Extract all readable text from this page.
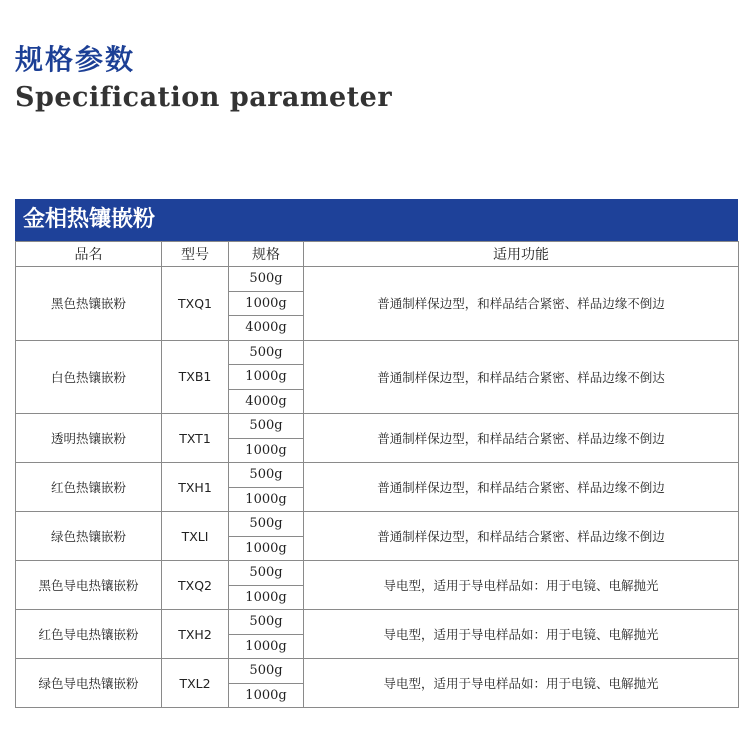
规格参数
Specification parameter
金相热镶嵌粉
品名	型号	规格	适用功能
黑色热镶嵌粉	TXQ1	500g	普通制样保边型，和样品结合紧密、样品边缘不倒边
		1000g	
		4000g	
白色热镶嵌粉	TXB1	500g	普通制样保边型，和样品结合紧密、样品边缘不倒达
		1000g	
		4000g	
透明热镶嵌粉	TXT1	500g	普通制样保边型，和样品结合紧密、样品边缘不倒边
		1000g	
红色热镶嵌粉	TXH1	500g	普通制样保边型，和样品结合紧密、样品边缘不倒边
		1000g	
绿色热镶嵌粉	TXLI	500g	普通制样保边型，和样品结合紧密、样品边缘不倒边
		1000g	
黑色导电热镶嵌粉	TXQ2	500g	导电型，适用于导电样品如：用于电镜、电解抛光
		1000g	
红色导电热镶嵌粉	TXH2	500g	导电型，适用于导电样品如：用于电镜、电解抛光
		1000g	
绿色导电热镶嵌粉	TXL2	500g	导电型，适用于导电样品如：用于电镜、电解抛光
		1000g	
